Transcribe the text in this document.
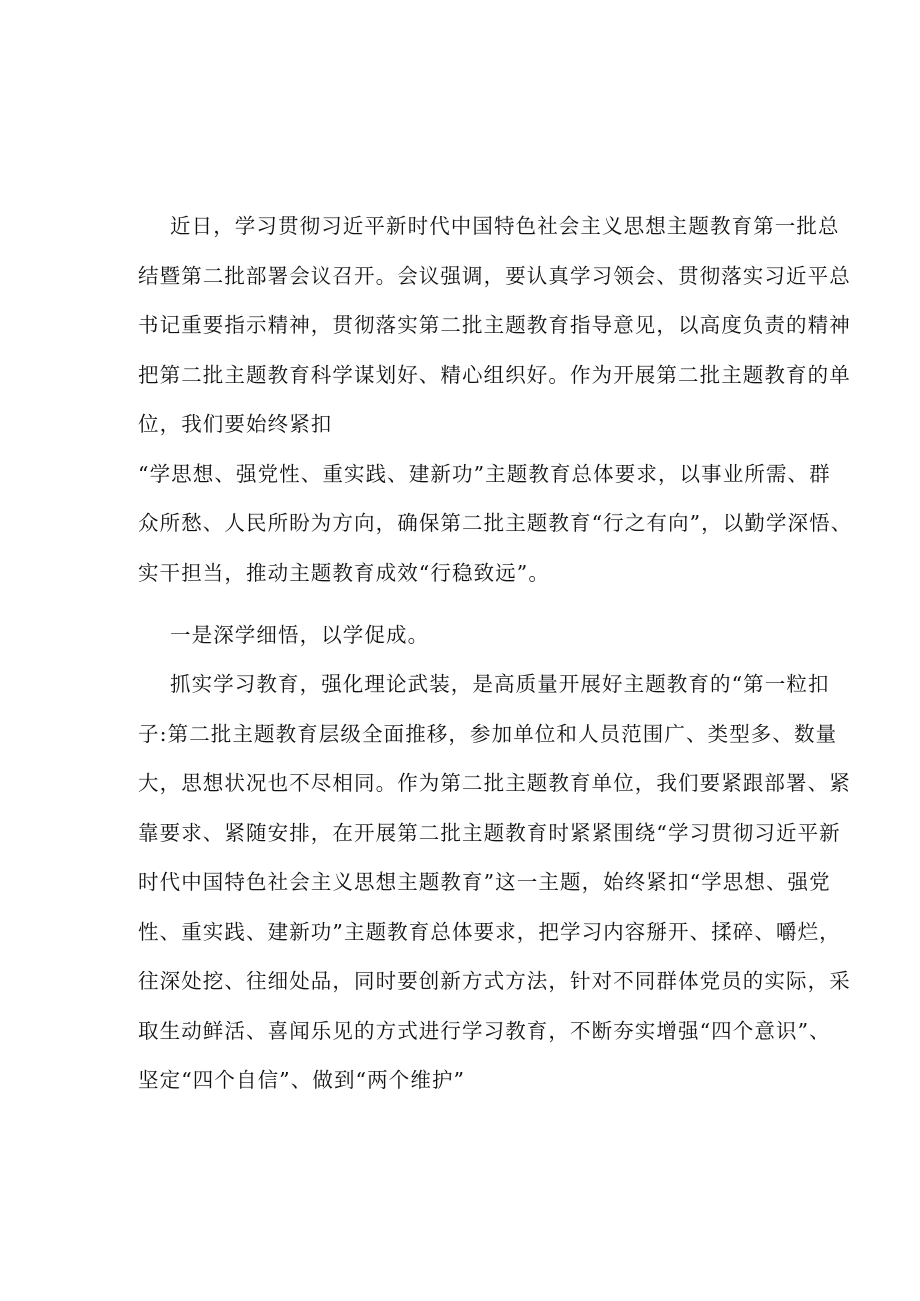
近日，学习贯彻习近平新时代中国特色社会主义思想主题教育第一批总
结暨第二批部署会议召开。会议强调，要认真学习领会、贯彻落实习近平总
书记重要指示精神，贯彻落实第二批主题教育指导意见，以高度负责的精神
把第二批主题教育科学谋划好、精心组织好。作为开展第二批主题教育的单
位，我们要始终紧扣
“学思想、强党性、重实践、建新功”主题教育总体要求，以事业所需、群
众所愁、人民所盼为方向，确保第二批主题教育“行之有向”，以勤学深悟、
实干担当，推动主题教育成效“行稳致远”。
一是深学细悟，以学促成。
抓实学习教育，强化理论武装，是高质量开展好主题教育的“第一粒扣
子:第二批主题教育层级全面推移，参加单位和人员范围广、类型多、数量
大，思想状况也不尽相同。作为第二批主题教育单位，我们要紧跟部署、紧
靠要求、紧随安排，在开展第二批主题教育时紧紧围绕“学习贯彻习近平新
时代中国特色社会主义思想主题教育”这一主题，始终紧扣“学思想、强党
性、重实践、建新功”主题教育总体要求，把学习内容掰开、揉碎、嚼烂，
往深处挖、往细处品，同时要创新方式方法，针对不同群体党员的实际，采
取生动鲜活、喜闻乐见的方式进行学习教育，不断夯实增强“四个意识”、
坚定“四个自信”、做到“两个维护”
